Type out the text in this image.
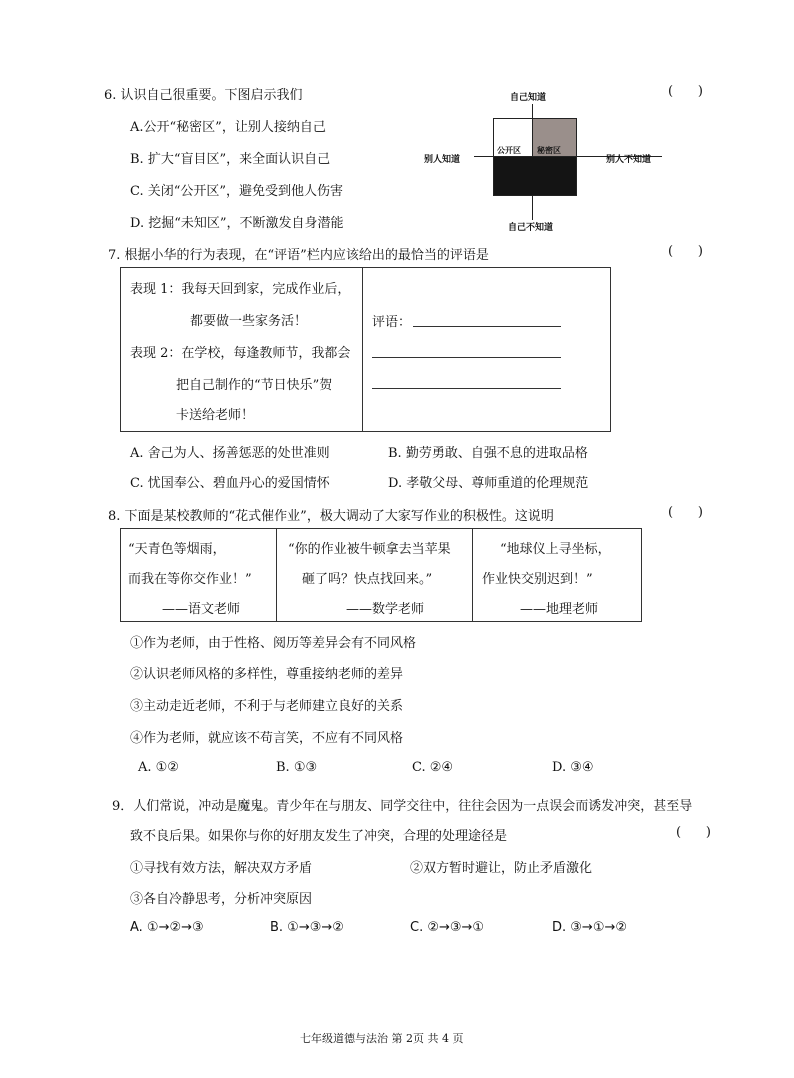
6. 认识自己很重要。下图启示我们	(      )
A.公开“秘密区”，让别人接纳自己
B. 扩大“盲目区”，来全面认识自己
C. 关闭“公开区”，避免受到他人伤害
D. 挖掘“未知区”，不断激发自身潜能
自己知道
公开区 秘密区
别人知道	别人不知道
自己不知道
7. 根据小华的行为表现，在“评语”栏内应该给出的最恰当的评语是	(      )
表现 1：我每天回到家，完成作业后，
都要做一些家务活！
表现 2：在学校，每逢教师节，我都会
把自己制作的“节日快乐”贺
卡送给老师！
评语：
A. 舍己为人、扬善惩恶的处世准则	B. 勤劳勇敢、自强不息的进取品格
C. 忧国奉公、碧血丹心的爱国情怀	D. 孝敬父母、尊师重道的伦理规范
8. 下面是某校教师的“花式催作业”，极大调动了大家写作业的积极性。这说明	(      )
“天青色等烟雨，
而我在等你交作业！”
——语文老师
“你的作业被牛顿拿去当苹果
砸了吗？快点找回来。”
——数学老师
“地球仪上寻坐标，
作业快交别迟到！”
——地理老师
①作为老师，由于性格、阅历等差异会有不同风格
②认识老师风格的多样性，尊重接纳老师的差异
③主动走近老师，不利于与老师建立良好的关系
④作为老师，就应该不苟言笑，不应有不同风格
A. ①②	B. ①③	C. ②④	D. ③④
9．人们常说，冲动是魔鬼。青少年在与朋友、同学交往中，往往会因为一点误会而诱发冲突，甚至导
致不良后果。如果你与你的好朋友发生了冲突，合理的处理途径是	(      )
①寻找有效方法，解决双方矛盾	②双方暂时避让，防止矛盾激化
③各自冷静思考，分析冲突原因
A. ①→②→③	B. ①→③→②	C. ②→③→①	D. ③→①→②
七年级道德与法治 第 2页 共 4 页
